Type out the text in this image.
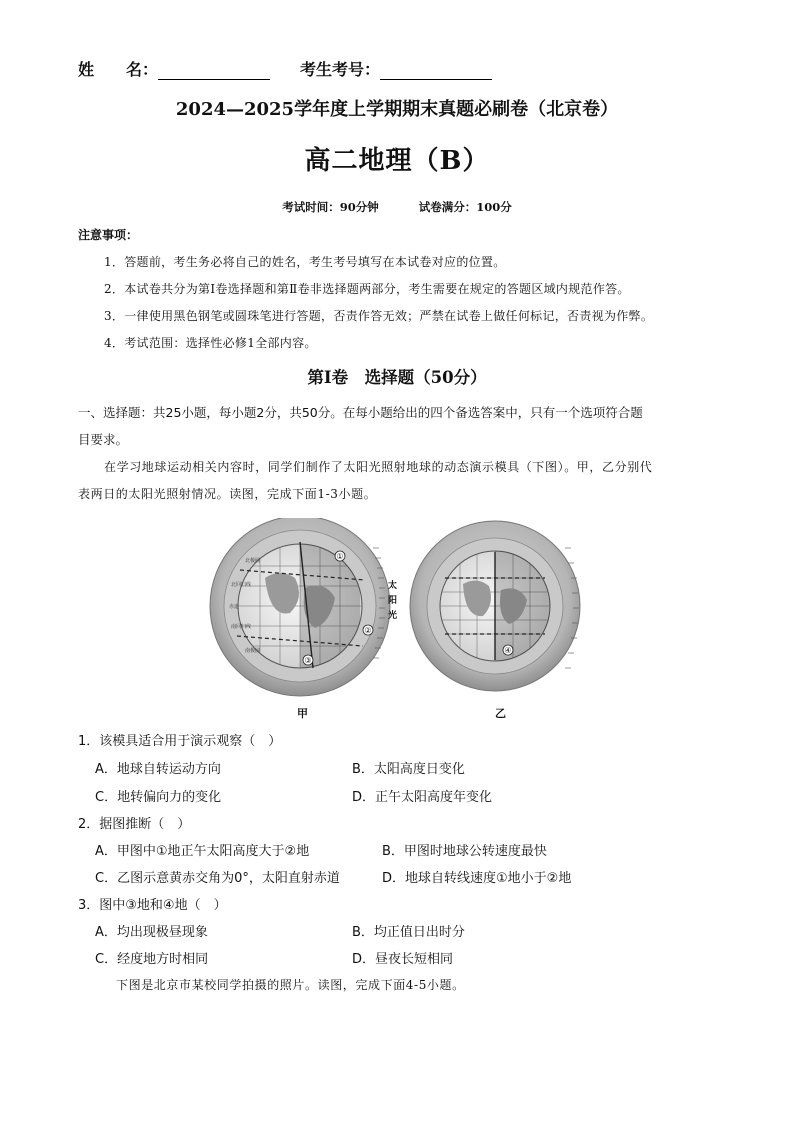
姓　　名：	考生考号：
2024—2025学年度上学期期末真题必刷卷（北京卷）
高二地理（B）
考试时间：90分钟	试卷满分：100分
注意事项：
1．答题前，考生务必将自己的姓名，考生考号填写在本试卷对应的位置。
2．本试卷共分为第Ⅰ卷选择题和第Ⅱ卷非选择题两部分，考生需要在规定的答题区域内规范作答。
3．一律使用黑色钢笔或圆珠笔进行答题，否责作答无效；严禁在试卷上做任何标记，否责视为作弊。
4．考试范围：选择性必修1全部内容。
第Ⅰ卷　选择题（50分）
一、选择题：共25小题，每小题2分，共50分。在每小题给出的四个备选答案中，只有一个选项符合题
目要求。
在学习地球运动相关内容时，同学们制作了太阳光照射地球的动态演示模具（下图）。甲，乙分别代
表两日的太阳光照射情况。读图，完成下面1-3小题。
①
②
③
北极圈
北回归线
赤道
南回归线
南极圈
太
阳
光
④
甲	乙
1．该模具适合用于演示观察（　）
A．地球自转运动方向	B．太阳高度日变化
C．地转偏向力的变化	D．正午太阳高度年变化
2．据图推断（　）
A．甲图中①地正午太阳高度大于②地	B．甲图时地球公转速度最快
C．乙图示意黄赤交角为0°，太阳直射赤道	D．地球自转线速度①地小于②地
3．图中③地和④地（　）
A．均出现极昼现象	B．均正值日出时分
C．经度地方时相同	D．昼夜长短相同
下图是北京市某校同学拍摄的照片。读图，完成下面4-5小题。
